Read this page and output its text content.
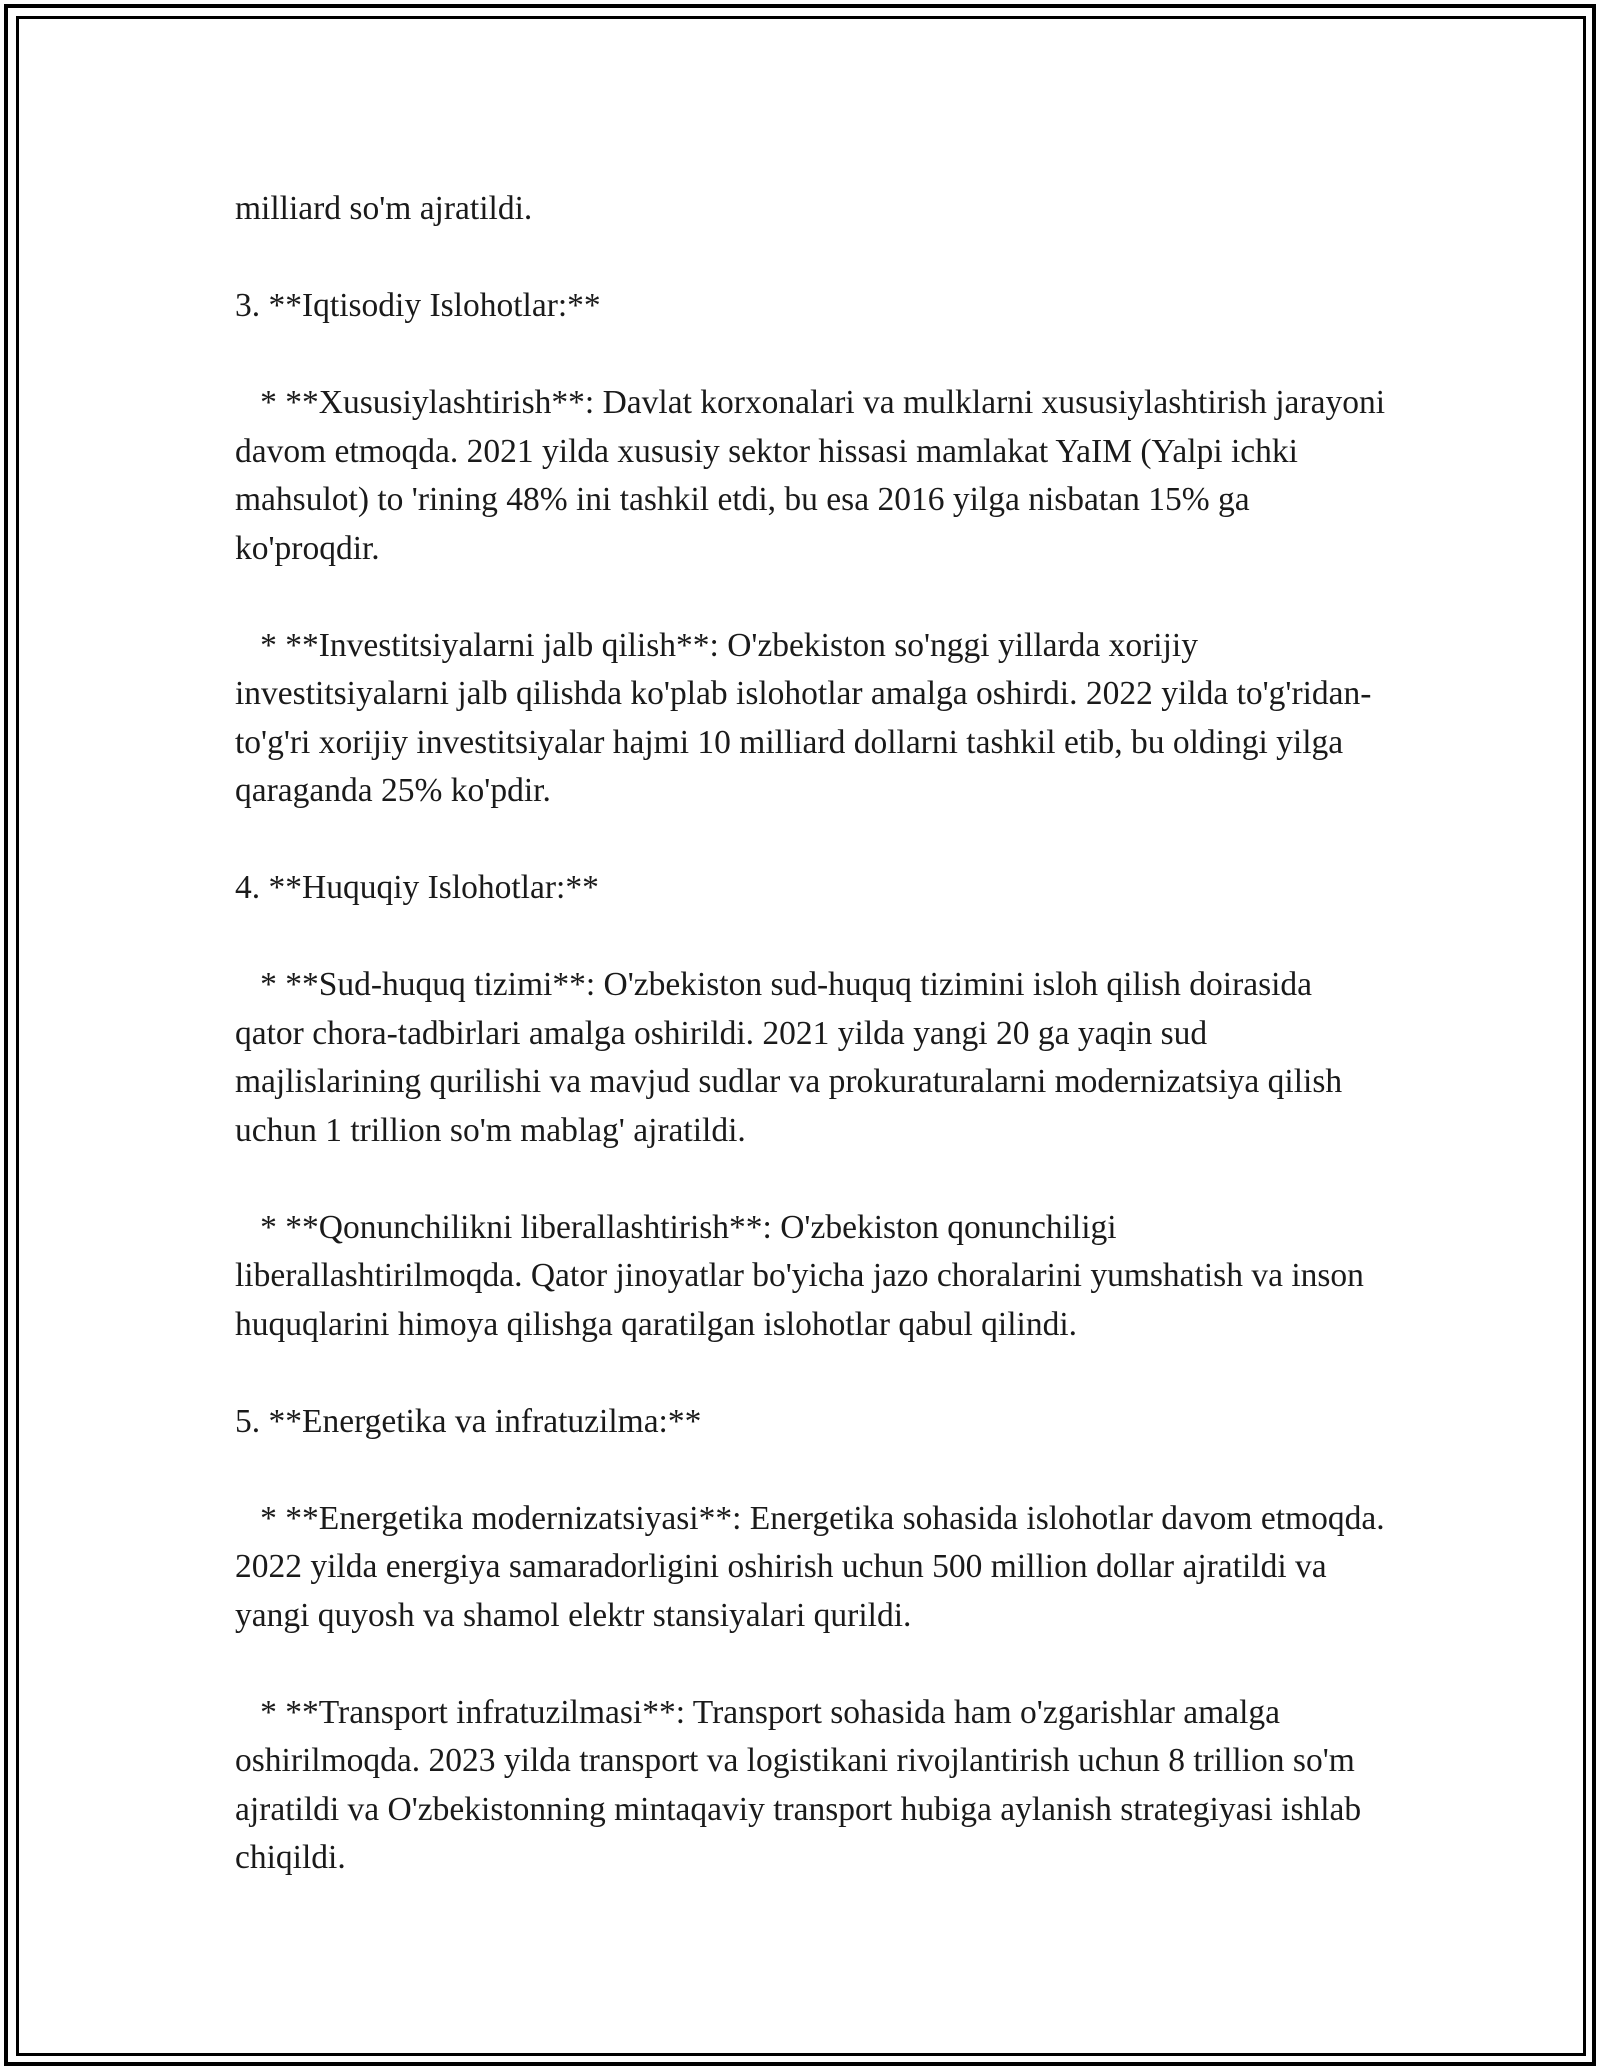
milliard so'm ajratildi.

3. **Iqtisodiy Islohotlar:**

* **Xususiylashtirish**: Davlat korxonalari va mulklarni xususiylashtirish jarayoni davom etmoqda. 2021 yilda xususiy sektor hissasi mamlakat YaIM (Yalpi ichki mahsulot) to 'rining 48% ini tashkil etdi, bu esa 2016 yilga nisbatan 15% ga ko'proqdir.

* **Investitsiyalarni jalb qilish**: O'zbekiston so'nggi yillarda xorijiy investitsiyalarni jalb qilishda ko'plab islohotlar amalga oshirdi. 2022 yilda to'g'ridan-to'g'ri xorijiy investitsiyalar hajmi 10 milliard dollarni tashkil etib, bu oldingi yilga qaraganda 25% ko'pdir.

4. **Huquqiy Islohotlar:**

* **Sud-huquq tizimi**: O'zbekiston sud-huquq tizimini isloh qilish doirasida qator chora-tadbirlari amalga oshirildi. 2021 yilda yangi 20 ga yaqin sud majlislarining qurilishi va mavjud sudlar va prokuraturalarni modernizatsiya qilish uchun 1 trillion so'm mablag' ajratildi.

* **Qonunchilikni liberallashtirish**: O'zbekiston qonunchiligi liberallashtirilmoqda. Qator jinoyatlar bo'yicha jazo choralarini yumshatish va inson huquqlarini himoya qilishga qaratilgan islohotlar qabul qilindi.

5. **Energetika va infratuzilma:**

* **Energetika modernizatsiyasi**: Energetika sohasida islohotlar davom etmoqda. 2022 yilda energiya samaradorligini oshirish uchun 500 million dollar ajratildi va yangi quyosh va shamol elektr stansiyalari qurildi.

* **Transport infratuzilmasi**: Transport sohasida ham o'zgarishlar amalga oshirilmoqda. 2023 yilda transport va logistikani rivojlantirish uchun 8 trillion so'm ajratildi va O'zbekistonning mintaqaviy transport hubiga aylanish strategiyasi ishlab chiqildi.
